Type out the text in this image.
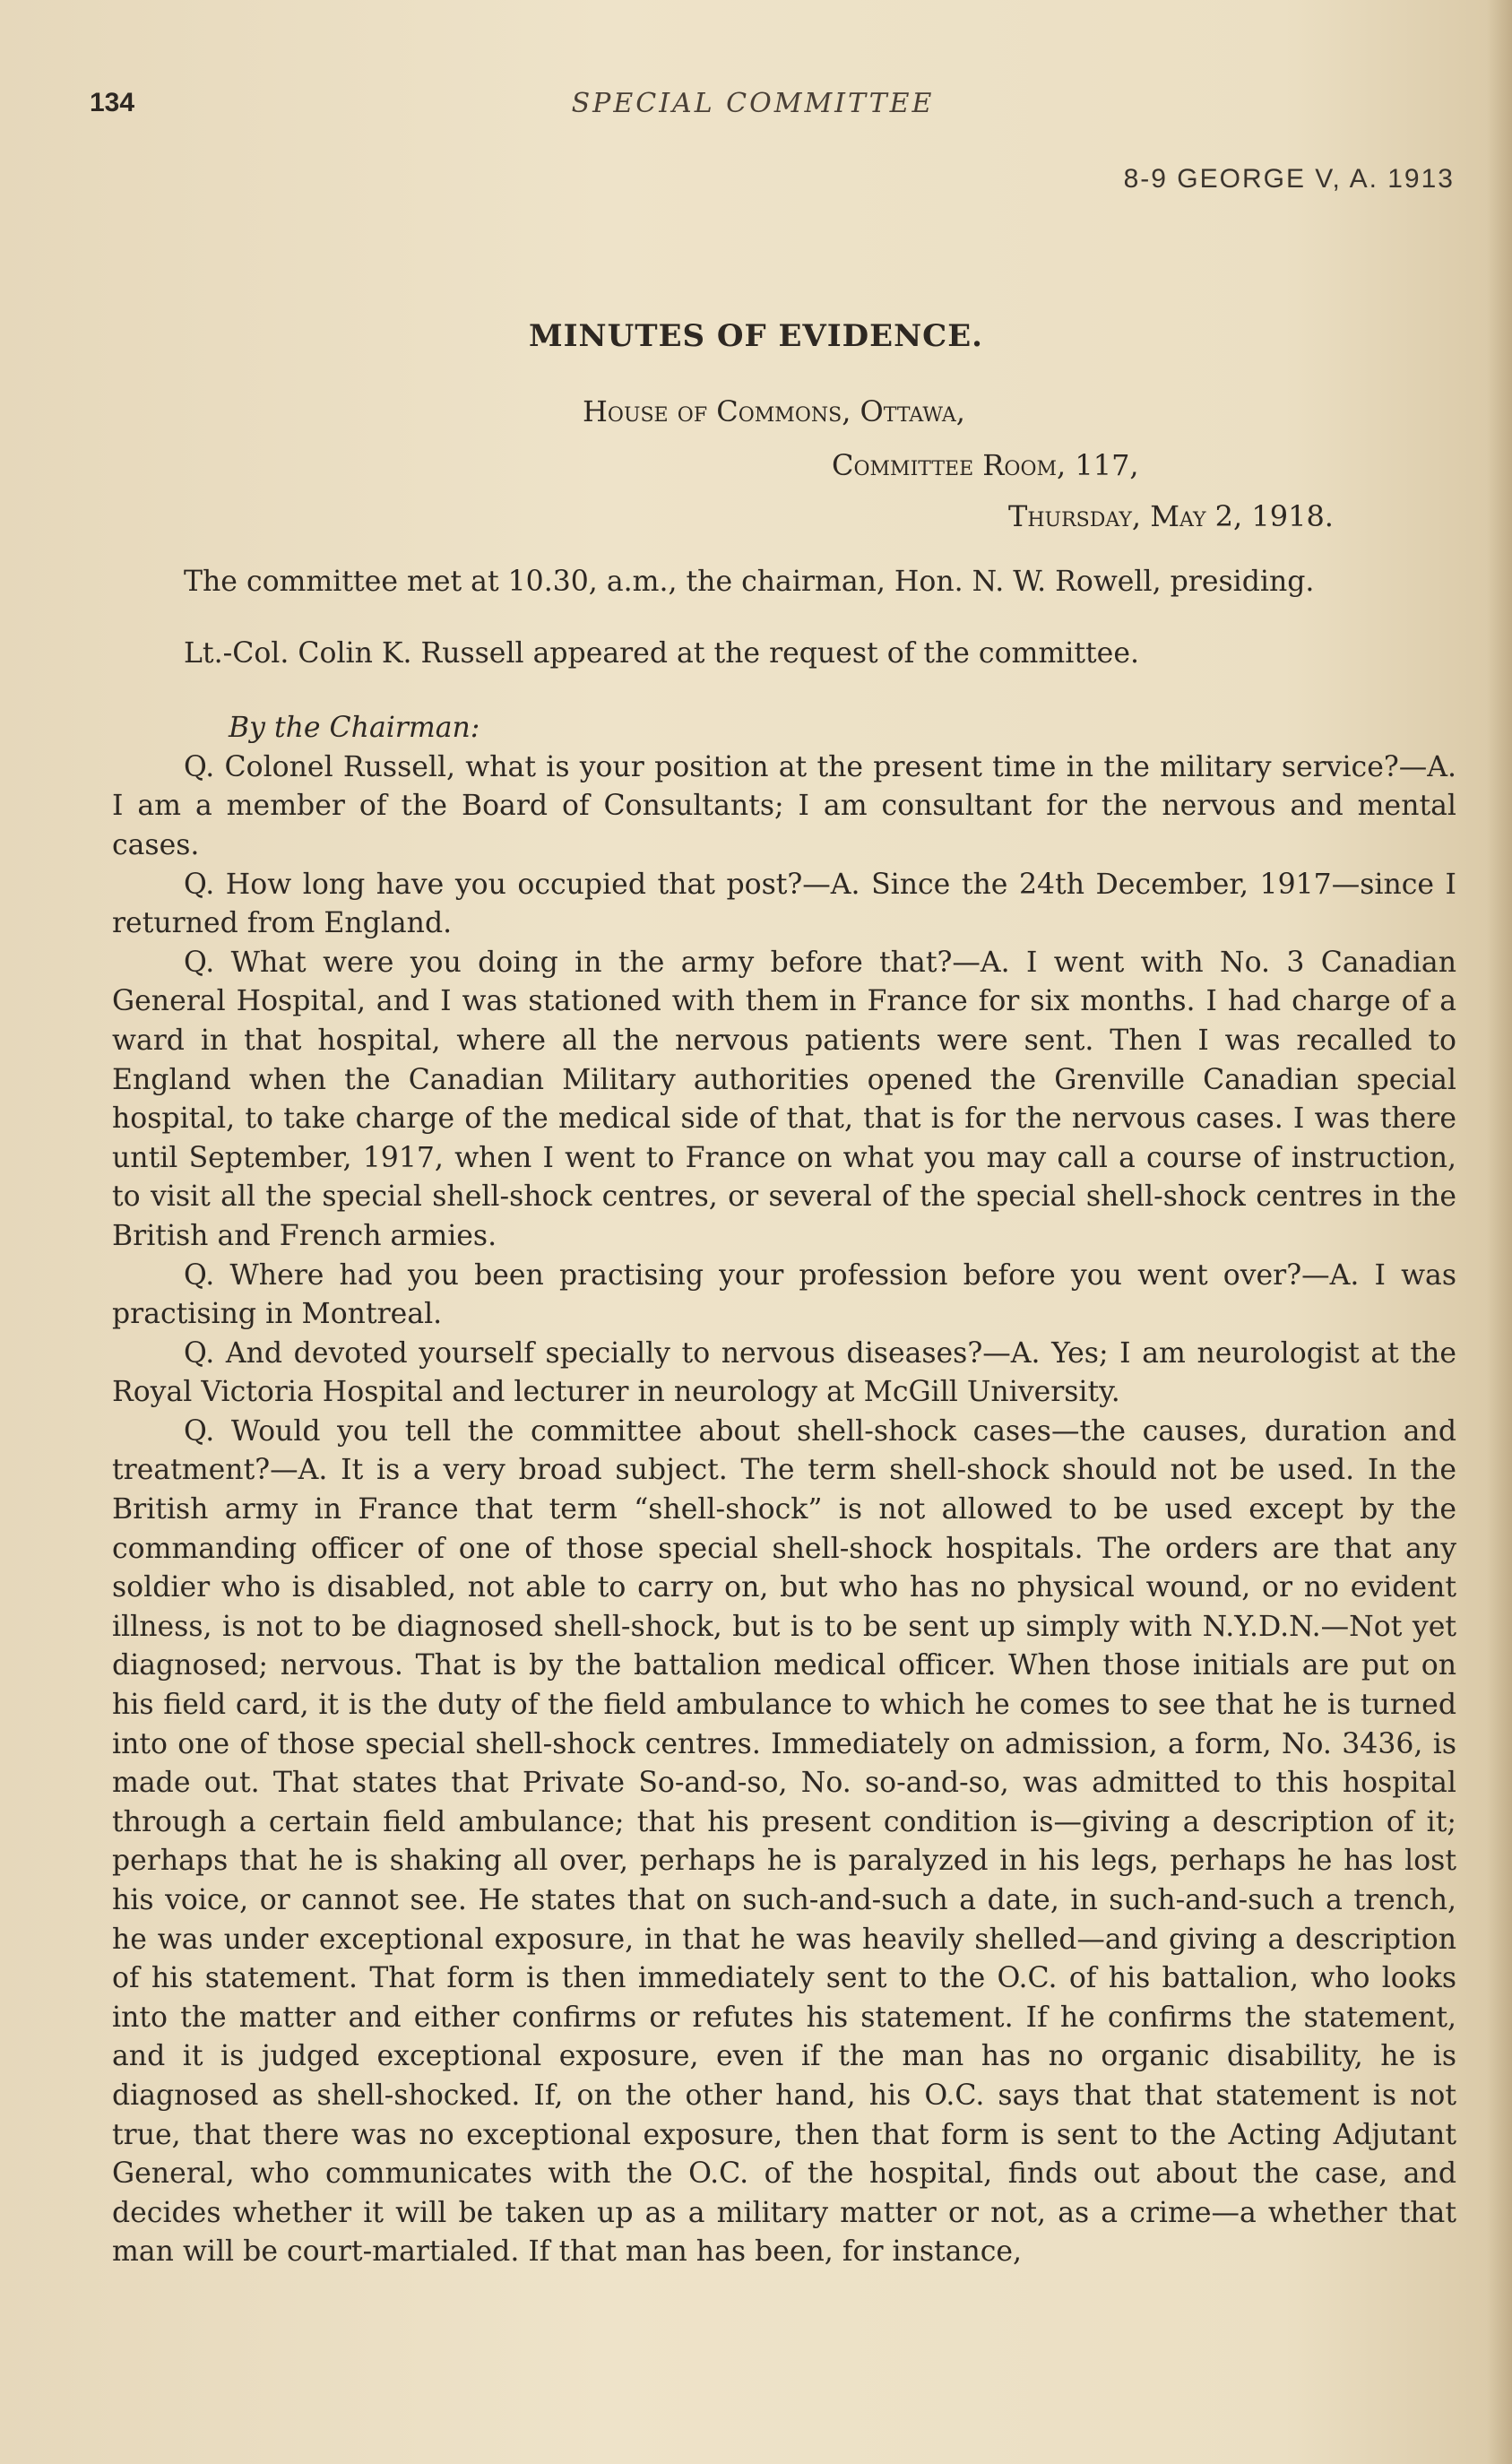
134	SPECIAL COMMITTEE
8-9 GEORGE V, A. 1913
MINUTES OF EVIDENCE.
House of Commons, Ottawa,
Committee Room, 117,
Thursday, May 2, 1918.

The committee met at 10.30, a.m., the chairman, Hon. N. W. Rowell, presiding.

Lt.-Col. Colin K. Russell appeared at the request of the committee.

By the Chairman:

Q. Colonel Russell, what is your position at the present time in the military service?—A. I am a member of the Board of Consultants; I am consultant for the nervous and mental cases.

Q. How long have you occupied that post?—A. Since the 24th December, 1917—since I returned from England.

Q. What were you doing in the army before that?—A. I went with No. 3 Canadian General Hospital, and I was stationed with them in France for six months. I had charge of a ward in that hospital, where all the nervous patients were sent. Then I was recalled to England when the Canadian Military authorities opened the Grenville Canadian special hospital, to take charge of the medical side of that, that is for the nervous cases. I was there until September, 1917, when I went to France on what you may call a course of instruction, to visit all the special shell-shock centres, or several of the special shell-shock centres in the British and French armies.

Q. Where had you been practising your profession before you went over?—A. I was practising in Montreal.

Q. And devoted yourself specially to nervous diseases?—A. Yes; I am neurologist at the Royal Victoria Hospital and lecturer in neurology at McGill University.

Q. Would you tell the committee about shell-shock cases—the causes, duration and treatment?—A. It is a very broad subject. The term shell-shock should not be used. In the British army in France that term “shell-shock” is not allowed to be used except by the commanding officer of one of those special shell-shock hospitals. The orders are that any soldier who is disabled, not able to carry on, but who has no physical wound, or no evident illness, is not to be diagnosed shell-shock, but is to be sent up simply with N.Y.D.N.—Not yet diagnosed; nervous. That is by the battalion medical officer. When those initials are put on his field card, it is the duty of the field ambulance to which he comes to see that he is turned into one of those special shell-shock centres. Immediately on admission, a form, No. 3436, is made out. That states that Private So-and-so, No. so-and-so, was admitted to this hospital through a certain field ambulance; that his present condition is—giving a description of it; perhaps that he is shaking all over, perhaps he is paralyzed in his legs, perhaps he has lost his voice, or cannot see. He states that on such-and-such a date, in such-and-such a trench, he was under exceptional exposure, in that he was heavily shelled—and giving a description of his statement. That form is then immediately sent to the O.C. of his battalion, who looks into the matter and either confirms or refutes his statement. If he confirms the statement, and it is judged exceptional exposure, even if the man has no organic disability, he is diagnosed as shell-shocked. If, on the other hand, his O.C. says that that statement is not true, that there was no exceptional exposure, then that form is sent to the Acting Adjutant General, who communicates with the O.C. of the hospital, finds out about the case, and decides whether it will be taken up as a military matter or not, as a crime—a whether that man will be court-martialed. If that man has been, for instance,
